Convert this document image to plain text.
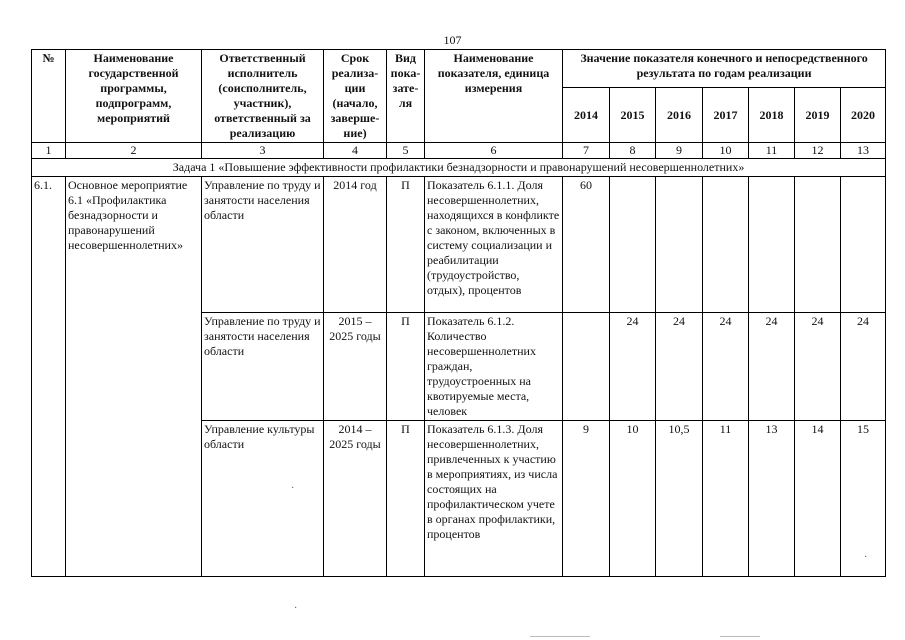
107
№	Наименование государственной программы, подпрограмм, мероприятий	Ответственный исполнитель (соисполнитель, участник), ответственный за реализацию	Срок реализа- ции (начало, заверше- ние)	Вид пока- зате- ля	Наименование показателя, единица измерения	Значение показателя конечного и непосредственного результата по годам реализации						
						2014	2015	2016	2017	2018	2019	2020
1	2	3	4	5	6	7	8	9	10	11	12	13
Задача 1 «Повышение эффективности профилактики безнадзорности и правонарушений несовершеннолетних»												
6.1.	Основное мероприятие 6.1 «Профилактика безнадзорности и правонарушений несовершеннолетних»	Управление по труду и занятости населения области	2014 год	П	Показатель 6.1.1. Доля несовершеннолетних, находящихся в конфликте с законом, включенных в систему социализации и реабилитации (трудоустройство, отдых), процентов	60						
		Управление по труду и занятости населения области	2015 – 2025 годы	П	Показатель 6.1.2. Количество несовершеннолетних граждан, трудоустроенных на квотируемые места, человек		24	24	24	24	24	24
		Управление культуры области	2014 – 2025 годы	П	Показатель 6.1.3. Доля несовершеннолетних, привлеченных к участию в мероприятиях, из числа состоящих на профилактическом учете в органах профилактики, процентов	9	10	10,5	11	13	14	15
·
·
·
